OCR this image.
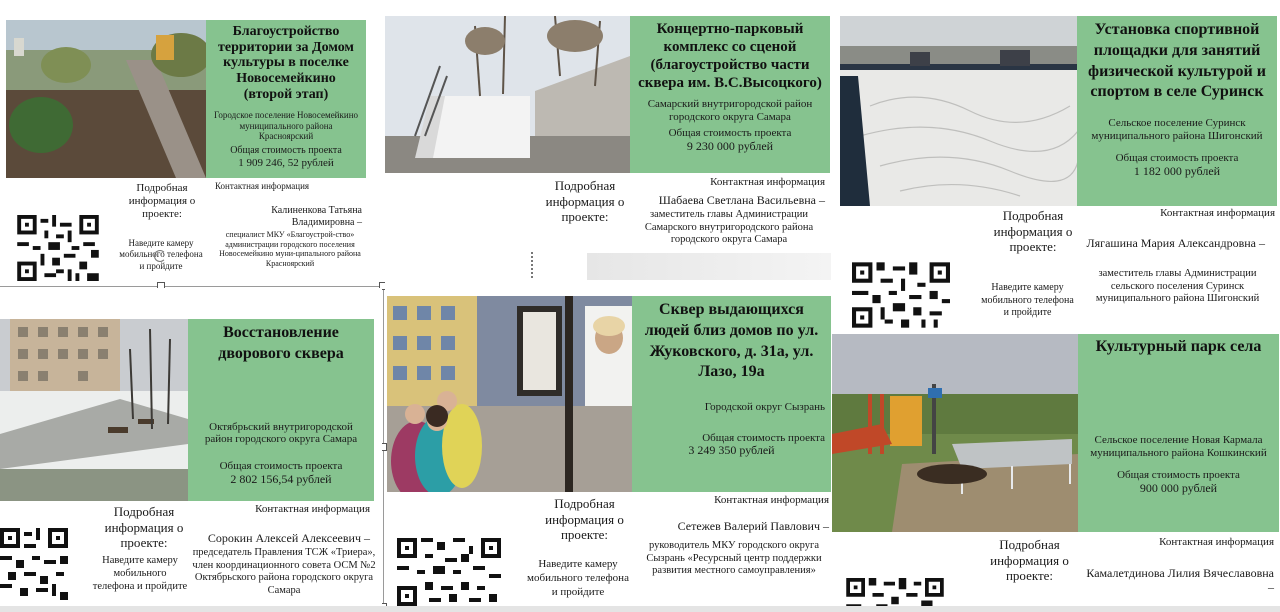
Благоустройство территории за Домом культуры в поселке Новосемейкино (второй этап)
Городское поселение Новосемейкино муниципального района Красноярский
Общая стоимость проекта
1 909 246, 52 рублей
Контактная информация
Подробная информация о проекте:	Калиненкова Татьяна Владимировна –
специалист МКУ «Благоустрой-ство» администрации городского поселения Новосемейкино муни-ципального района Красноярский
Наведите камеру мобильного телефона и пройдите
Концертно-парковый комплекс со сценой (благоустройство части сквера им. В.С.Высоцкого)
Самарский внутригородской район городского округа Самара
Общая стоимость проекта
9 230 000 рублей
Контактная информация
Подробная информация о проекте:
Шабаева Светлана Васильевна –
заместитель главы Администрации Самарского внутригородского района городского округа Самара
Установка спортивной площадки для занятий физической культурой и спортом в селе Суринск
Сельское поселение Суринск муниципального района Шигонский
Общая стоимость проекта
1 182 000 рублей
Контактная информация
Подробная информация о проекте:	Лягашина Мария Александровна –
заместитель главы Администрации сельского поселения Суринск муниципального района Шигонский
Наведите камеру мобильного телефона и пройдите
Восстановление дворового сквера
Октябрьский внутригородской район городского округа Самара
Общая стоимость проекта
2 802 156,54 рублей
Контактная информация
Подробная информация о проекте:	Сорокин Алексей Алексеевич –
председатель Правления ТСЖ «Триера», член координационного совета ОСМ №2 Октябрьского района городского округа Самара
Наведите камеру мобильного телефона и пройдите
Сквер выдающихся людей близ домов по ул. Жуковского, д. 31а, ул. Лазо, 19а
Городской округ Сызрань
Общая стоимость проекта
3 249 350 рублей
Контактная информация
Подробная информация о проекте:
Сетежев Валерий Павлович –
руководитель МКУ городского округа Сызрань «Ресурсный центр поддержки развития местного самоуправления»
Наведите камеру мобильного телефона и пройдите
Культурный парк села
Сельское поселение Новая Кармала муниципального района Кошкинский
Общая стоимость проекта
900 000 рублей
Контактная информация
Подробная информация о проекте:	Камалетдинова Лилия Вячеславовна –
